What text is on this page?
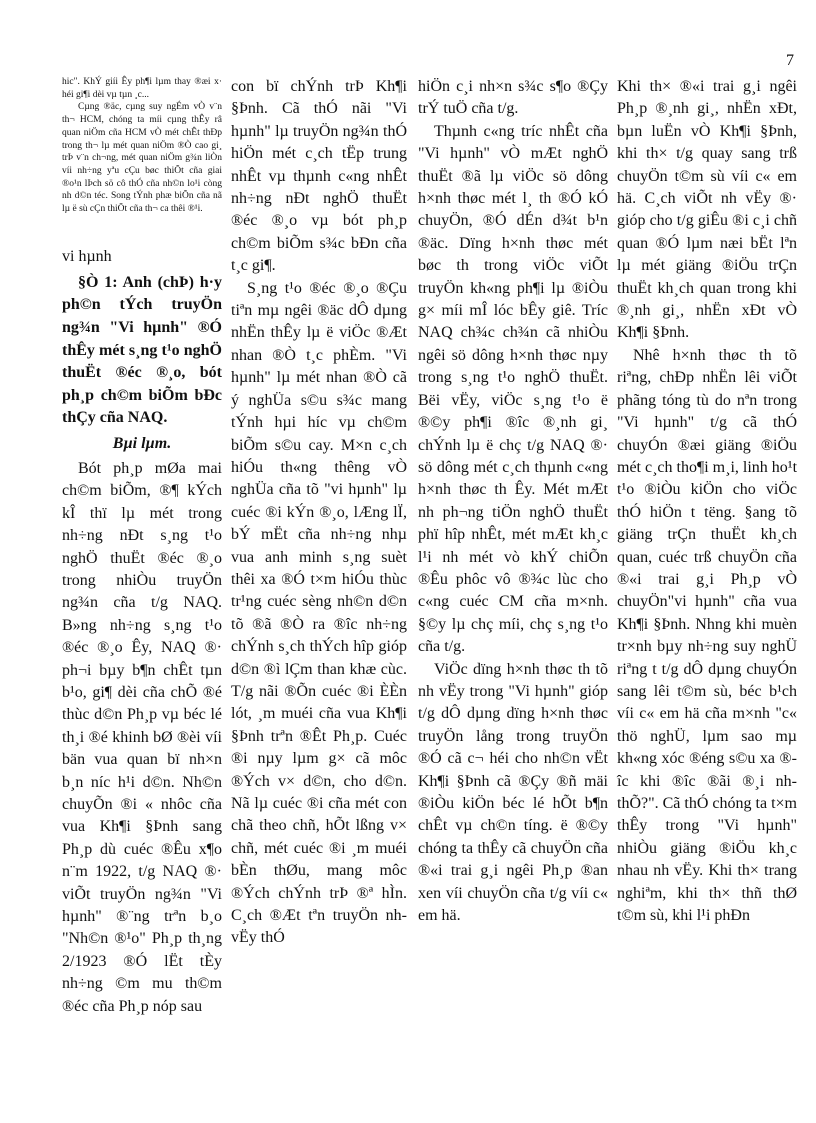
7

hic". KhÝ giíi Êy ph¶i lµm thay ®æi x· héi gi¶i dèi vµ tµn ¸c...

Cµng ®äc, cµng suy ngÉm vÒ v¨n th¬ HCM, chóng ta míi cµng thÊy râ quan niÖm cña HCM vÒ mét chÊt thÐp trong th¬ lµ mét quan niÖm ®Ò cao gi¸ trÞ v¨n ch¬ng, mét quan niÖm g¾n liÒn víi nh÷ng yªu cÇu bøc thiÕt cña giai ®o¹n lÞch sö cô thÓ cña nh©n lo¹i còng nh d©n téc. Song tÝnh phæ biÕn cña nã lµ ë sù cÇn thiÕt cña th¬ ca thêi ®¹i.

vi hµnh

§Ò 1: Anh (chÞ) h·y ph©n tÝch truyÖn ng¾n "Vi hµnh" ®Ó thÊy mét s¸ng t¹o nghÖ thuËt ®éc ®¸o, bót ph¸p ch©m biÕm bÐc thÇy cña NAQ.

Bµi lµm.

Bót ph¸p mØa mai ch©m biÕm, ®¶ kÝch kÎ thï lµ mét trong nh÷ng nÐt s¸ng t¹o nghÖ thuËt ®éc ®¸o trong nhiÒu truyÖn ng¾n cña t/g NAQ. B»ng nh÷ng s¸ng t¹o ®éc ®¸o Êy, NAQ ®· ph¬i bµy b¶n chÊt tµn b¹o, gi¶ dèi cña chÕ ®é thùc d©n Ph¸p vµ béc lé th¸i ®é khinh bØ ®èi víi bän vua quan bï nh×n b¸n níc h¹i d©n. Nh©n chuyÕn ®i « nhôc cña vua Kh¶i §Þnh sang Ph¸p dù cuéc ®Êu x¶o n¨m 1922, t/g NAQ ®· viÕt truyÖn ng¾n "Vi hµnh" ®¨ng trªn b¸o "Nh©n ®¹o" Ph¸p th¸ng 2/1923 ®Ó lËt tÈy nh÷ng ©m mu th©m ®éc cña Ph¸p nóp sau

con bï chÝnh trÞ Kh¶i §Þnh. Cã thÓ nãi "Vi hµnh" lµ truyÖn ng¾n thÓ hiÖn mét c¸ch tËp trung nhÊt vµ thµnh c«ng nhÊt nh÷ng nÐt nghÖ thuËt ®éc ®¸o vµ bót ph¸p ch©m biÕm s¾c bÐn cña t¸c gi¶.

S¸ng t¹o ®éc ®¸o ®Çu tiªn mµ ngêi ®äc dÔ dµng nhËn thÊy lµ ë viÖc ®Æt nhan ®Ò t¸c phÈm. "Vi hµnh" lµ mét nhan ®Ò cã ý nghÜa s©u s¾c mang tÝnh hµi híc vµ ch©m biÕm s©u cay. M×n c¸ch hiÓu th«ng thêng vÒ nghÜa cña tõ "vi hµnh" lµ cuéc ®i kÝn ®¸o, lÆng lÏ, bÝ mËt cña nh÷ng nhµ vua anh minh s¸ng suèt thêi xa ®Ó t×m hiÓu thùc tr¹ng cuéc sèng nh©n d©n tõ ®ã ®Ò ra ®îc nh÷ng chÝnh s¸ch thÝch hîp gióp d©n ®ì lÇm than khæ cùc. T/g nãi ®Õn cuéc ®i ÈÈn lót, ¸m muéi cña vua Kh¶i §Þnh trªn ®Êt Ph¸p. Cuéc ®i nµy lµm g× cã môc ®Ých v× d©n, cho d©n. Nã lµ cuéc ®i cña mét con chã theo chñ, hÕt lßng v× chñ, mét cuéc ®i ¸m muéi bÈn thØu, mang môc ®Ých chÝnh trÞ ®ª hÌn. C¸ch ®Æt tªn truyÖn nh vËy thÓ

hiÖn c¸i nh×n s¾c s¶o ®Çy trÝ tuÖ cña t/g.

Thµnh c«ng tríc nhÊt cña "Vi hµnh" vÒ mÆt nghÖ thuËt ®ã lµ viÖc sö dông h×nh thøc mét l¸ th ®Ó kÓ chuyÖn, ®Ó dÉn d¾t b¹n ®äc. Dïng h×nh thøc mét bøc th trong viÖc viÕt truyÖn kh«ng ph¶i lµ ®iÒu g× míi mÎ lóc bÊy giê. Tríc NAQ ch¾c ch¾n cã nhiÒu ngêi sö dông h×nh thøc nµy trong s¸ng t¹o nghÖ thuËt. Bëi vËy, viÖc s¸ng t¹o ë ®©y ph¶i ®îc ®¸nh gi¸ chÝnh lµ ë chç t/g NAQ ®· sö dông mét c¸ch thµnh c«ng h×nh thøc th Êy. Mét mÆt nh ph¬ng tiÖn nghÖ thuËt phï hîp nhÊt, mét mÆt kh¸c l¹i nh mét vò khÝ chiÕn ®Êu phôc vô ®¾c lùc cho c«ng cuéc CM cña m×nh. §©y lµ chç míi, chç s¸ng t¹o cña t/g.

ViÖc dïng h×nh thøc th tõ nh vËy trong "Vi hµnh" gióp t/g dÔ dµng dïng h×nh thøc truyÖn lång trong truyÖn ®Ó cã c¬ héi cho nh©n vËt Kh¶i §Þnh cã ®Çy ®ñ mäi ®iÒu kiÖn béc lé hÕt b¶n chÊt vµ ch©n tíng. ë ®©y chóng ta thÊy cã chuyÖn cña ®«i trai g¸i ngêi Ph¸p ®an xen víi chuyÖn cña t/g víi c« em hä.

Khi th× ®«i trai g¸i ngêi Ph¸p ®¸nh gi¸, nhËn xÐt, bµn luËn vÒ Kh¶i §Þnh, khi th× t/g quay sang trß chuyÖn t©m sù víi c« em hä. C¸ch viÕt nh vËy ®· gióp cho t/g giÊu ®i c¸i chñ quan ®Ó lµm næi bËt lªn lµ mét giäng ®iÖu trÇn thuËt kh¸ch quan trong khi ®¸nh gi¸, nhËn xÐt vÒ Kh¶i §Þnh.

Nhê h×nh thøc th tõ riªng, chÐp nhËn lêi viÕt phãng tóng tù do nªn trong "Vi hµnh" t/g cã thÓ chuyÓn ®æi giäng ®iÖu mét c¸ch tho¶i m¸i, linh ho¹t t¹o ®iÒu kiÖn cho viÖc thÓ hiÖn t tëng. §ang tõ giäng trÇn thuËt kh¸ch quan, cuéc trß chuyÖn cña ®«i trai g¸i Ph¸p vÒ chuyÖn"vi hµnh" cña vua Kh¶i §Þnh. Nhng khi muèn tr×nh bµy nh÷ng suy nghÜ riªng t t/g dÔ dµng chuyÓn sang lêi t©m sù, béc b¹ch víi c« em hä cña m×nh "c« thö nghÜ, lµm sao mµ kh«ng xóc ®éng s©u xa ®îc khi ®îc ®ãi ®¸i nh thÕ?". Cã thÓ chóng ta t×m thÊy trong "Vi hµnh" nhiÒu giäng ®iÖu kh¸c nhau nh vËy. Khi th× trang nghiªm, khi th× thñ thØ t©m sù, khi l¹i phÐn
